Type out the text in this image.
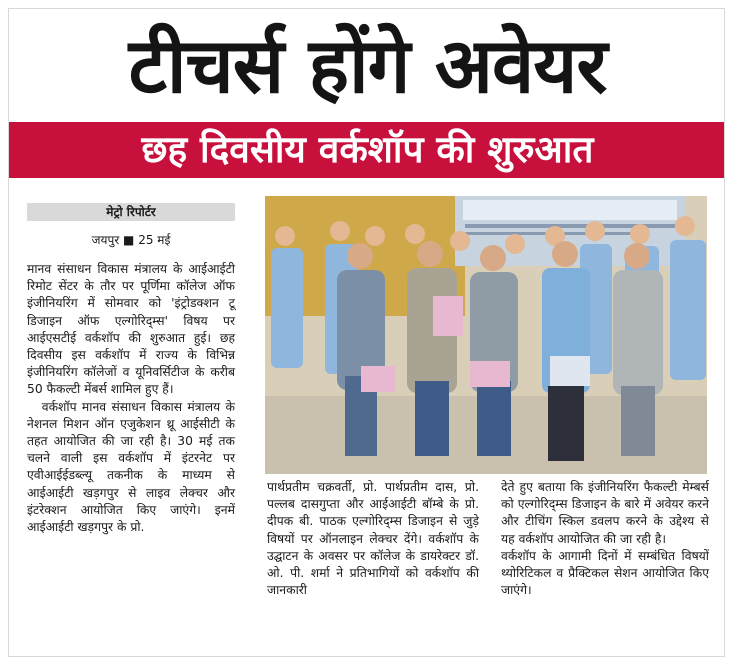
टीचर्स होंगे अवेयर
छह दिवसीय वर्कशॉप की शुरुआत
मेट्रो रिपोर्टर
जयपुर ■ 25 मई

मानव संसाधन विकास मंत्रालय के आईआईटी रिमोट सेंटर के तौर पर पूर्णिमा कॉलेज ऑफ इंजीनियरिंग में सोमवार को 'इंट्रोडक्शन टू डिजाइन ऑफ एल्गोरिद्म्स' विषय पर आईएसटीई वर्कशॉप की शुरुआत हुई। छह दिवसीय इस वर्कशॉप में राज्य के विभिन्न इंजीनियरिंग कॉलेजों व यूनिवर्सिटीज के करीब 50 फैकल्टी मेंबर्स शामिल हुए हैं।

वर्कशॉप मानव संसाधन विकास मंत्रालय के नेशनल मिशन ऑन एजुकेशन थ्रू आईसीटी के तहत आयोजित की जा रही है। 30 मई तक चलने वाली इस वर्कशॉप में इंटरनेट पर एवीआईईडब्ल्यू तकनीक के माध्यम से आईआईटी खड़गपुर से लाइव लेक्चर और इंटरेक्शन आयोजित किए जाएंगे। इनमें आईआईटी खड़गपुर के प्रो.

पार्थप्रतीम चक्रवर्ती, प्रो. पार्थप्रतीम दास, प्रो. पल्लब दासगुप्ता और आईआईटी बॉम्बे के प्रो. दीपक बी. पाठक एल्गोरिद्म्स डिजाइन से जुड़े विषयों पर ऑनलाइन लेक्चर देंगे। वर्कशॉप के उद्घाटन के अवसर पर कॉलेज के डायरेक्टर डॉ. ओ. पी. शर्मा ने प्रतिभागियों को वर्कशॉप की जानकारी

देते हुए बताया कि इंजीनियरिंग फैकल्टी मेम्बर्स को एल्गोरिद्म्स डिजाइन के बारे में अवेयर करने और टीचिंग स्किल डवलप करने के उद्देश्य से यह वर्कशॉप आयोजित की जा रही है।

वर्कशॉप के आगामी दिनों में सम्बंधित विषयों थ्योरिटिकल व प्रैक्टिकल सेशन आयोजित किए जाएंगे।
